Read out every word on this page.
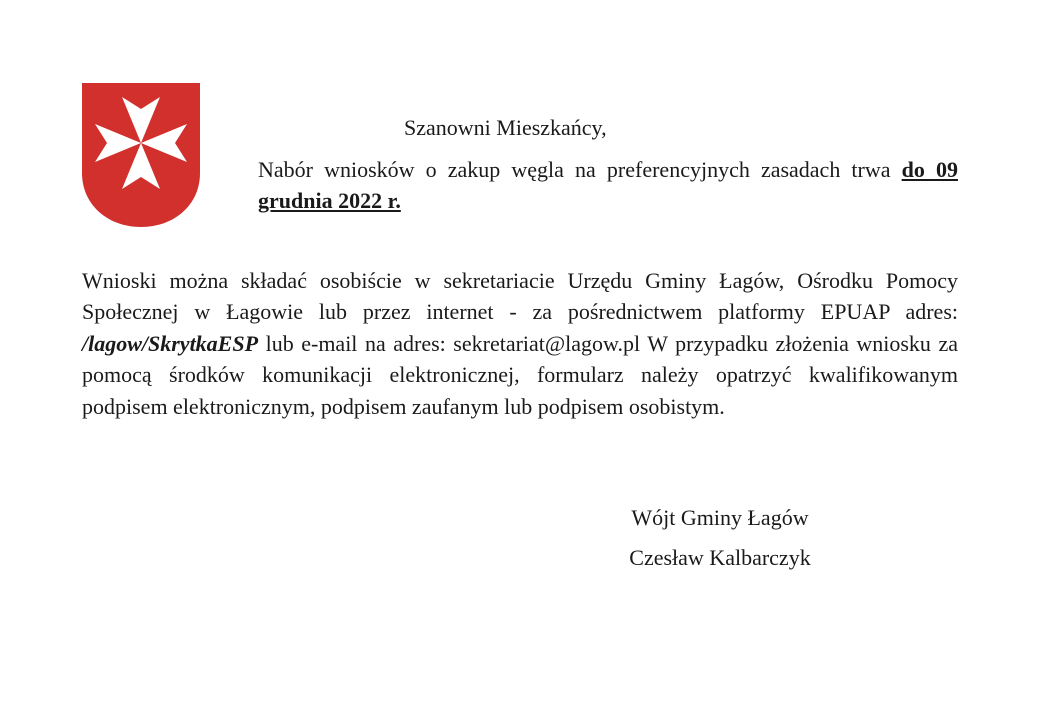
Szanowni Mieszkańcy,

Nabór wniosków o zakup węgla na preferencyjnych zasadach trwa do 09 grudnia 2022 r.

Wnioski można składać osobiście w sekretariacie Urzędu Gminy Łagów, Ośrodku Pomocy Społecznej w Łagowie lub przez internet - za pośrednictwem platformy EPUAP adres: /lagow/SkrytkaESP lub e-mail na adres: sekretariat@lagow.pl W przypadku złożenia wniosku za pomocą środków komunikacji elektronicznej, formularz należy opatrzyć kwalifikowanym podpisem elektronicznym, podpisem zaufanym lub podpisem osobistym.

Wójt Gminy Łagów
Czesław Kalbarczyk
